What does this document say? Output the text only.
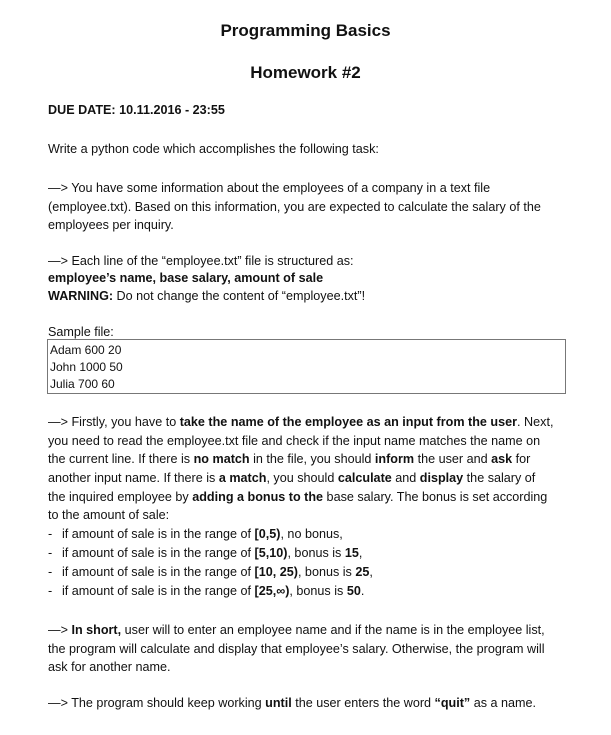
Programming Basics
Homework #2
DUE DATE: 10.11.2016 - 23:55
Write a python code which accomplishes the following task:
—> You have some information about the employees of a company in a text file
(employee.txt). Based on this information, you are expected to calculate the salary of the
employees per inquiry.
—> Each line of the “employee.txt” file is structured as:
employee’s name, base salary, amount of sale
WARNING: Do not change the content of “employee.txt”!
Sample file:
Adam 600 20
John 1000 50
Julia 700 60
—> Firstly, you have to take the name of the employee as an input from the user. Next,
you need to read the employee.txt file and check if the input name matches the name on
the current line. If there is no match in the file, you should inform the user and ask for
another input name. If there is a match, you should calculate and display the salary of
the inquired employee by adding a bonus to the base salary. The bonus is set according
to the amount of sale:
- if amount of sale is in the range of [0,5), no bonus,
- if amount of sale is in the range of [5,10), bonus is 15,
- if amount of sale is in the range of [10, 25), bonus is 25,
- if amount of sale is in the range of [25,∞), bonus is 50.
—> In short, user will to enter an employee name and if the name is in the employee list,
the program will calculate and display that employee’s salary. Otherwise, the program will
ask for another name.
—> The program should keep working until the user enters the word “quit” as a name.
